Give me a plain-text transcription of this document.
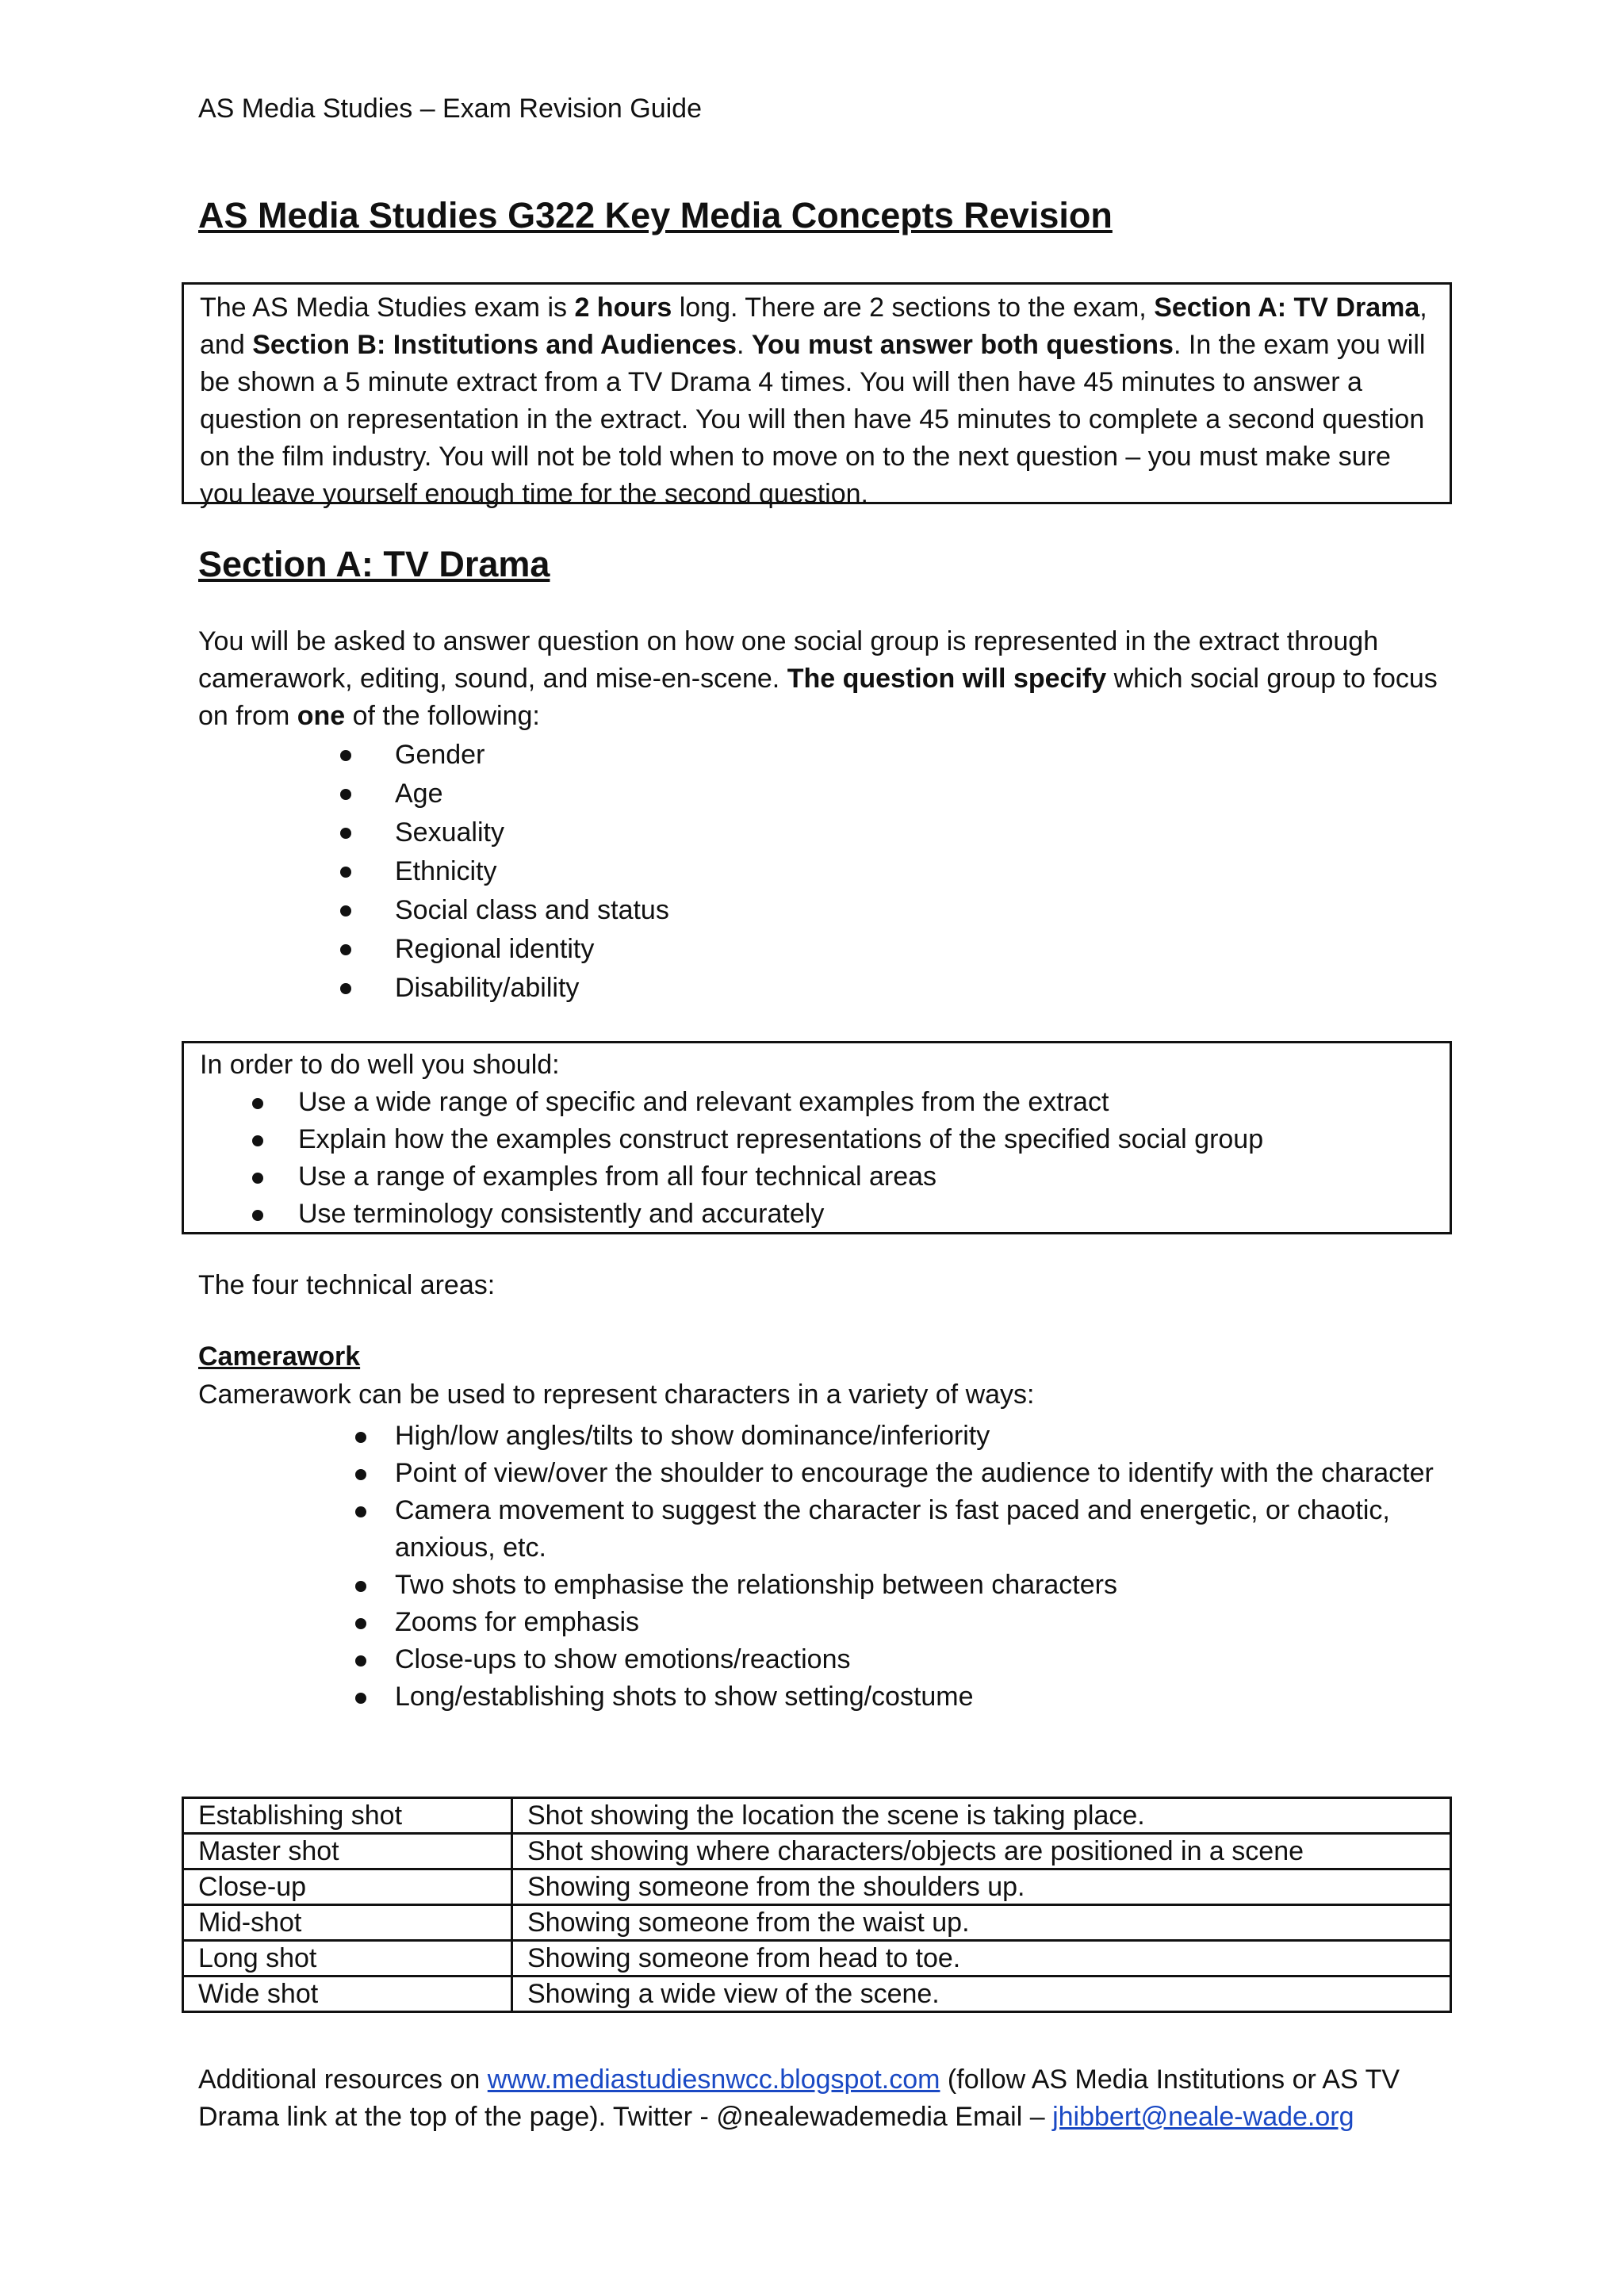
AS Media Studies – Exam Revision Guide
AS Media Studies G322 Key Media Concepts Revision
The AS Media Studies exam is 2 hours long. There are 2 sections to the exam, Section A: TV Drama, and Section B: Institutions and Audiences. You must answer both questions. In the exam you will be shown a 5 minute extract from a TV Drama 4 times. You will then have 45 minutes to answer a question on representation in the extract. You will then have 45 minutes to complete a second question on the film industry. You will not be told when to move on to the next question – you must make sure you leave yourself enough time for the second question.
Section A: TV Drama

You will be asked to answer question on how one social group is represented in the extract through camerawork, editing, sound, and mise-en-scene. The question will specify which social group to focus on from one of the following:

Gender
Age
Sexuality
Ethnicity
Social class and status
Regional identity
Disability/ability
In order to do well you should:
Use a wide range of specific and relevant examples from the extract
Explain how the examples construct representations of the specified social group
Use a range of examples from all four technical areas
Use terminology consistently and accurately

The four technical areas:

Camerawork

Camerawork can be used to represent characters in a variety of ways:

High/low angles/tilts to show dominance/inferiority
Point of view/over the shoulder to encourage the audience to identify with the character
Camera movement to suggest the character is fast paced and energetic, or chaotic, anxious, etc.
Two shots to emphasise the relationship between characters
Zooms for emphasis
Close-ups to show emotions/reactions
Long/establishing shots to show setting/costume
Establishing shot	Shot showing the location the scene is taking place.
Master shot	Shot showing where characters/objects are positioned in a scene
Close-up	Showing someone from the shoulders up.
Mid-shot	Showing someone from the waist up.
Long shot	Showing someone from head to toe.
Wide shot	Showing a wide view of the scene.

Additional resources on www.mediastudiesnwcc.blogspot.com (follow AS Media Institutions or AS TV Drama link at the top of the page). Twitter - @nealewademedia Email – jhibbert@neale-wade.org
